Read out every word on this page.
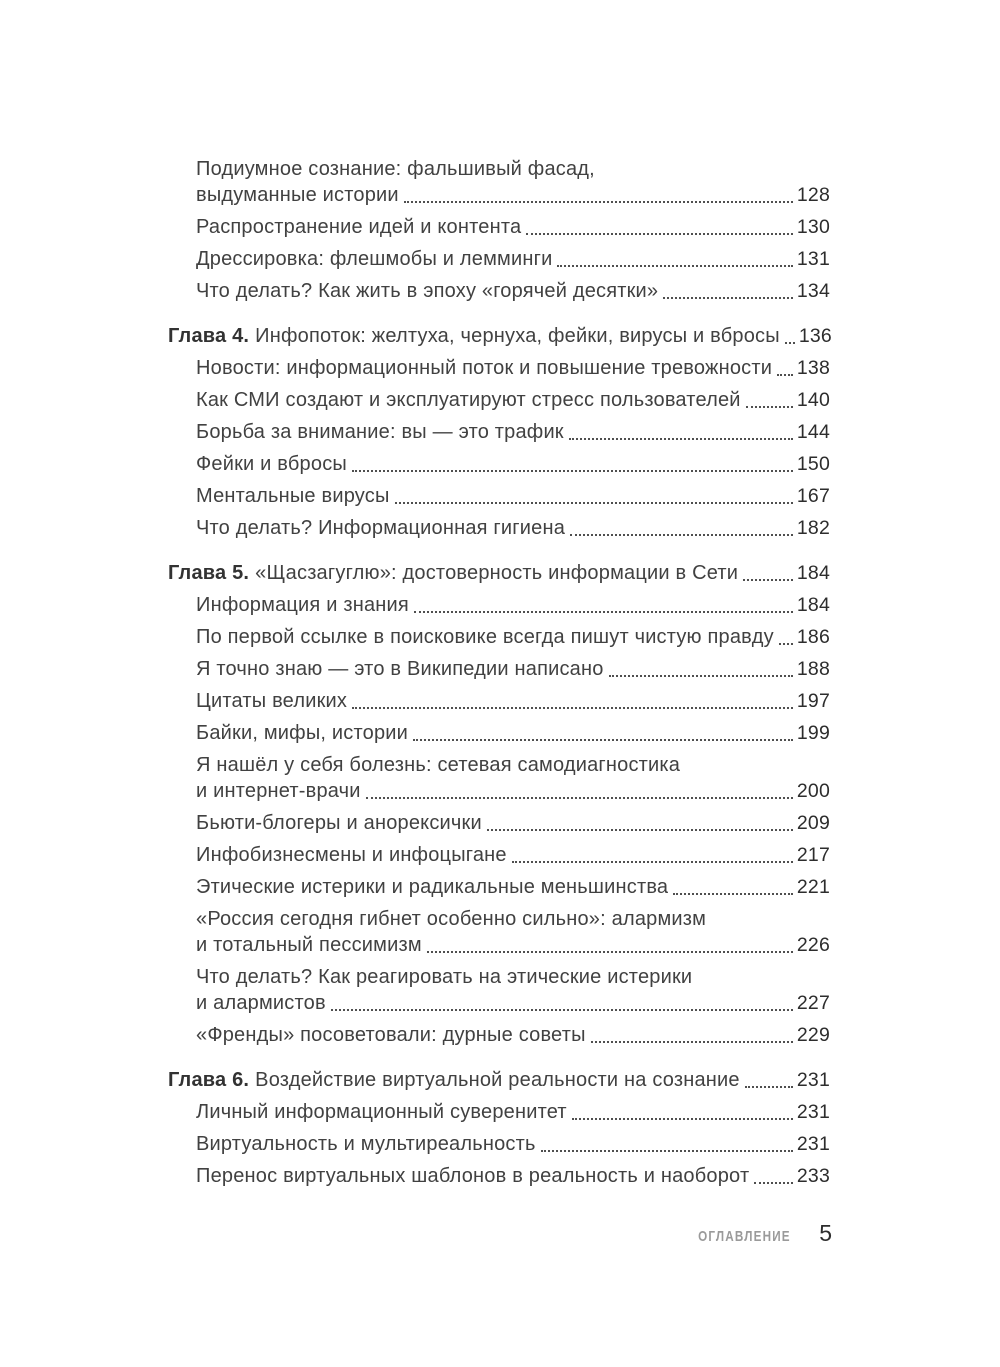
Подиумное сознание: фальшивый фасад,
выдуманные истории	128
Распространение идей и контента	130
Дрессировка: флешмобы и лемминги	131
Что делать? Как жить в эпоху «горячей десятки»	134
Глава 4. Инфопоток: желтуха, чернуха, фейки, вирусы и вбросы 136
Новости: информационный поток и повышение тревожности 138
Как СМИ создают и эксплуатируют стресс пользователей	140
Борьба за внимание: вы — это трафик	144
Фейки и вбросы	150
Ментальные вирусы	167
Что делать? Информационная гигиена	182
Глава 5. «Щасзагуглю»: достоверность информации в Сети	184
Информация и знания	184
По первой ссылке в поисковике всегда пишут чистую правду 186
Я точно знаю — это в Википедии написано	188
Цитаты великих	197
Байки, мифы, истории	199
Я нашёл у себя болезнь: сетевая самодиагностика
и интернет-врачи	200
Бьюти-блогеры и анорексички	209
Инфобизнесмены и инфоцыгане	217
Этические истерики и радикальные меньшинства	221
«Россия сегодня гибнет особенно сильно»: алармизм
и тотальный пессимизм	226
Что делать? Как реагировать на этические истерики
и алармистов	227
«Френды» посоветовали: дурные советы	229
Глава 6. Воздействие виртуальной реальности на сознание	231
Личный информационный суверенитет	231
Виртуальность и мультиреальность	231
Перенос виртуальных шаблонов в реальность и наоборот 233
ОГЛАВЛЕНИЕ 5
